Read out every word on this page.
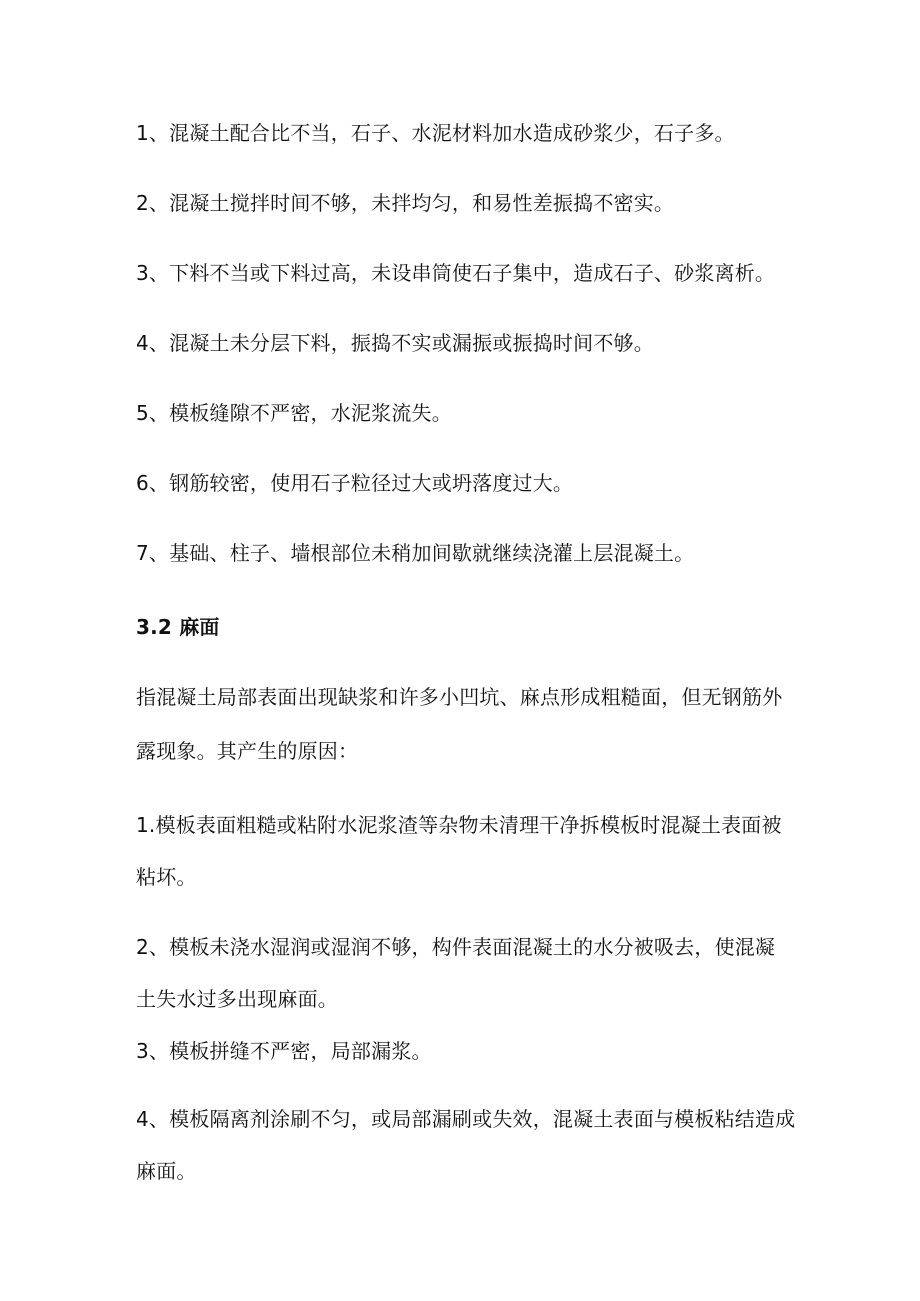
1、混凝土配合比不当，石子、水泥材料加水造成砂浆少，石子多。
2、混凝土搅拌时间不够，未拌均匀，和易性差振捣不密实。
3、下料不当或下料过高，未设串筒使石子集中，造成石子、砂浆离析。
4、混凝土未分层下料，振捣不实或漏振或振捣时间不够。
5、模板缝隙不严密，水泥浆流失。
6、钢筋较密，使用石子粒径过大或坍落度过大。
7、基础、柱子、墙根部位未稍加间歇就继续浇灌上层混凝土。
3.2 麻面
指混凝土局部表面出现缺浆和许多小凹坑、麻点形成粗糙面，但无钢筋外
露现象。其产生的原因：
1.模板表面粗糙或粘附水泥浆渣等杂物未清理干净拆模板时混凝土表面被
粘坏。
2、模板未浇水湿润或湿润不够，构件表面混凝土的水分被吸去，使混凝
土失水过多出现麻面。
3、模板拼缝不严密，局部漏浆。
4、模板隔离剂涂刷不匀，或局部漏刷或失效，混凝土表面与模板粘结造成
麻面。
